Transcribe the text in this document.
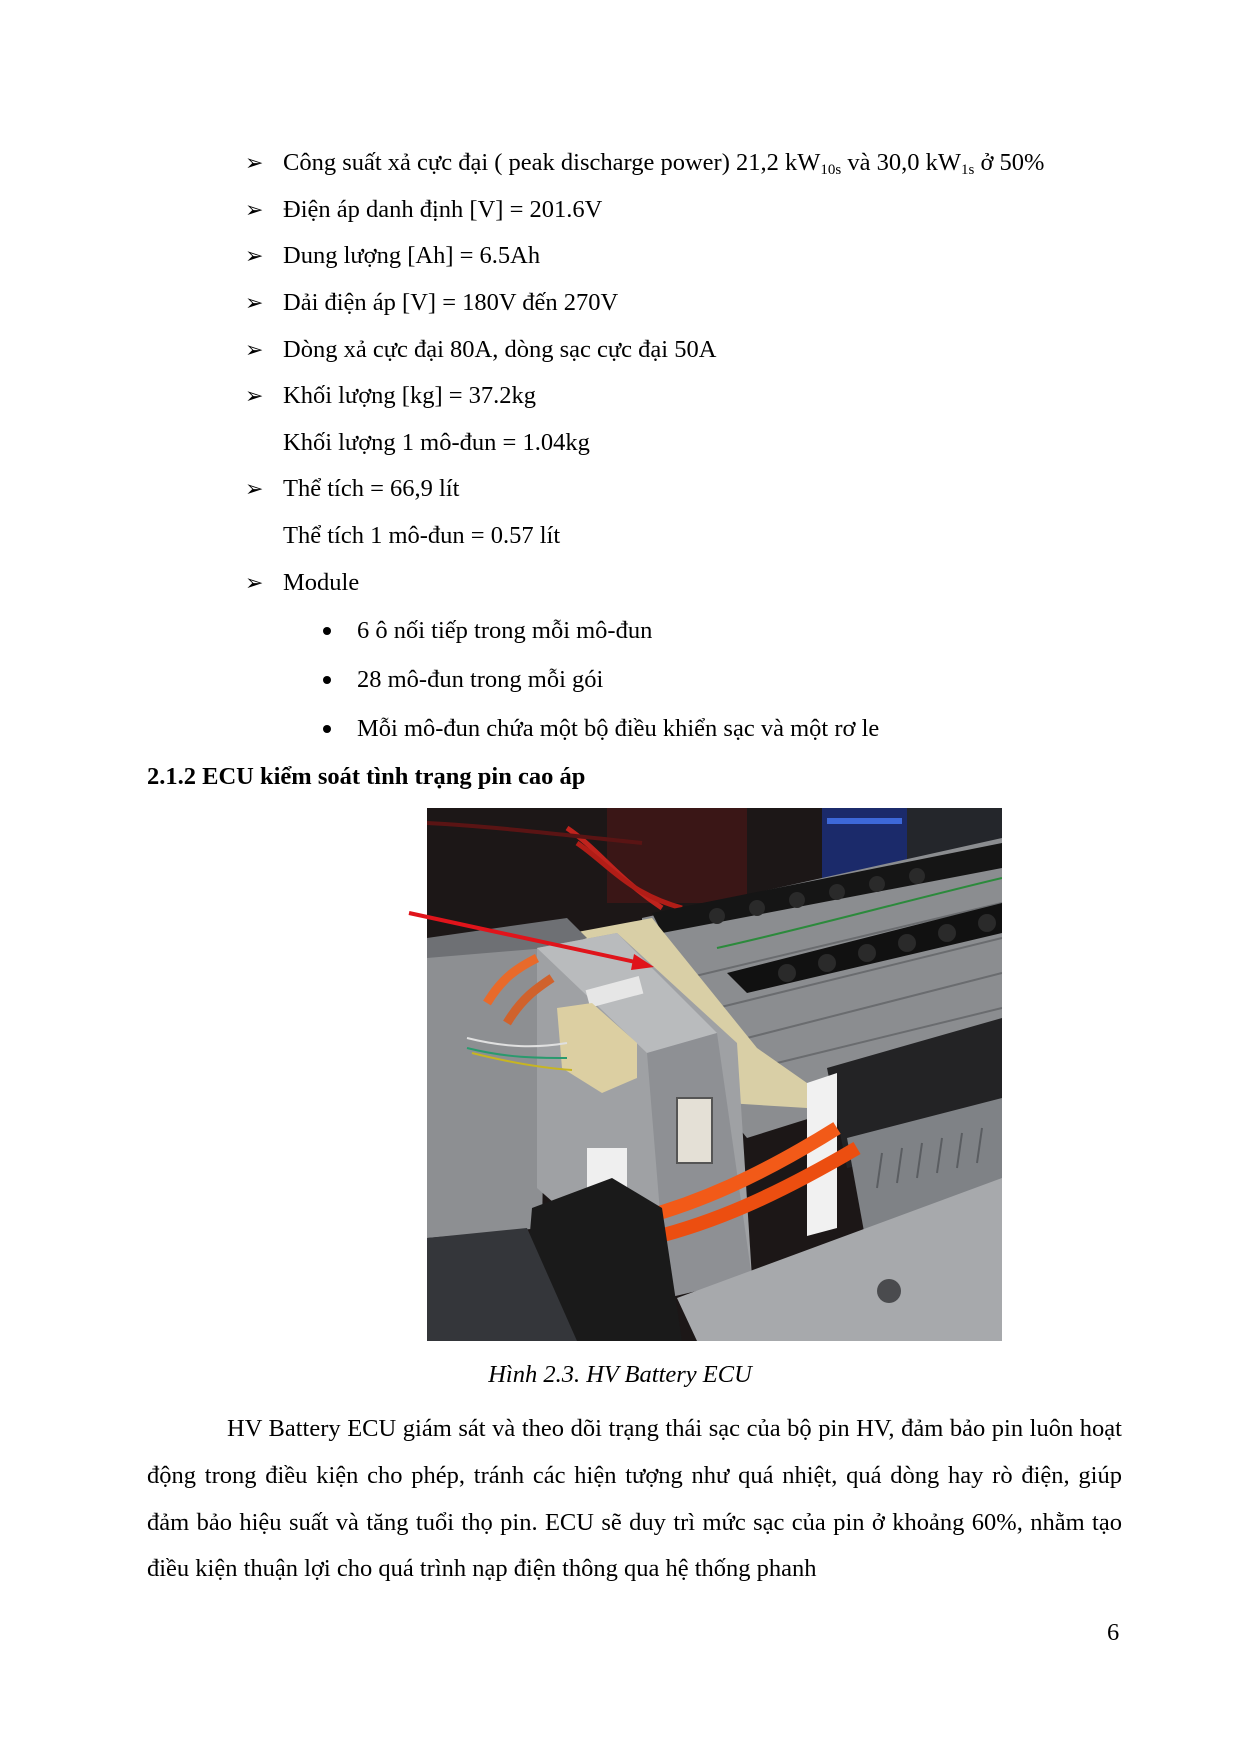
➢ Công suất xả cực đại ( peak discharge power) 21,2 $kW_{10s}$ và 30,0 $kW_{1s}$ ở 50%
➢ Điện áp danh định [V] = 201.6V
➢ Dung lượng [Ah] = 6.5Ah
➢ Dải điện áp [V] = 180V đến 270V
➢ Dòng xả cực đại 80A, dòng sạc cực đại 50A
➢ Khối lượng [kg] = 37.2kg
Khối lượng 1 mô-đun = 1.04kg
➢ Thể tích = 66,9 lít
Thể tích 1 mô-đun = 0.57 lít
➢ Module
6 ô nối tiếp trong mỗi mô-đun
28 mô-đun trong mỗi gói
Mỗi mô-đun chứa một bộ điều khiển sạc và một rơ le
2.1.2 ECU kiểm soát tình trạng pin cao áp
Hình 2.3. HV Battery ECU
HV Battery ECU giám sát và theo dõi trạng thái sạc của bộ pin HV, đảm bảo pin luôn hoạt động trong điều kiện cho phép, tránh các hiện tượng như quá nhiệt, quá dòng hay rò điện, giúp đảm bảo hiệu suất và tăng tuổi thọ pin. ECU sẽ duy trì mức sạc của pin ở khoảng 60%, nhằm tạo điều kiện thuận lợi cho quá trình nạp điện thông qua hệ thống phanh
6
